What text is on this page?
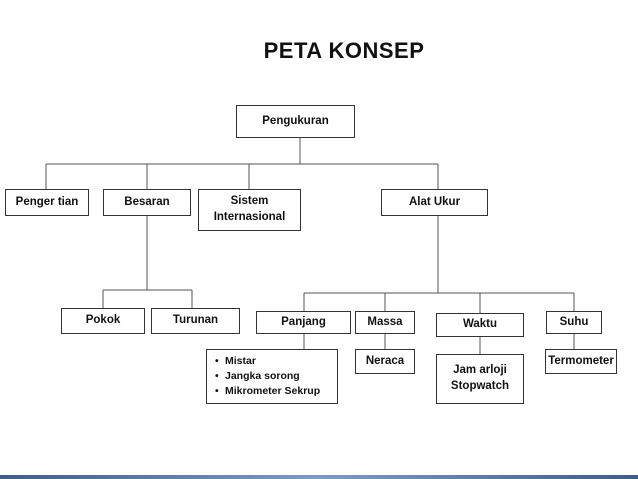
PETA KONSEP
Pengukuran
Penger tian	Besaran	Sistem
Internasional
Alat Ukur
Pokok	Turunan	Panjang	Massa	Waktu	Suhu
• Mistar
• Jangka sorong
• Mikrometer Sekrup
Neraca
Jam arloji
Stopwatch
Termometer
